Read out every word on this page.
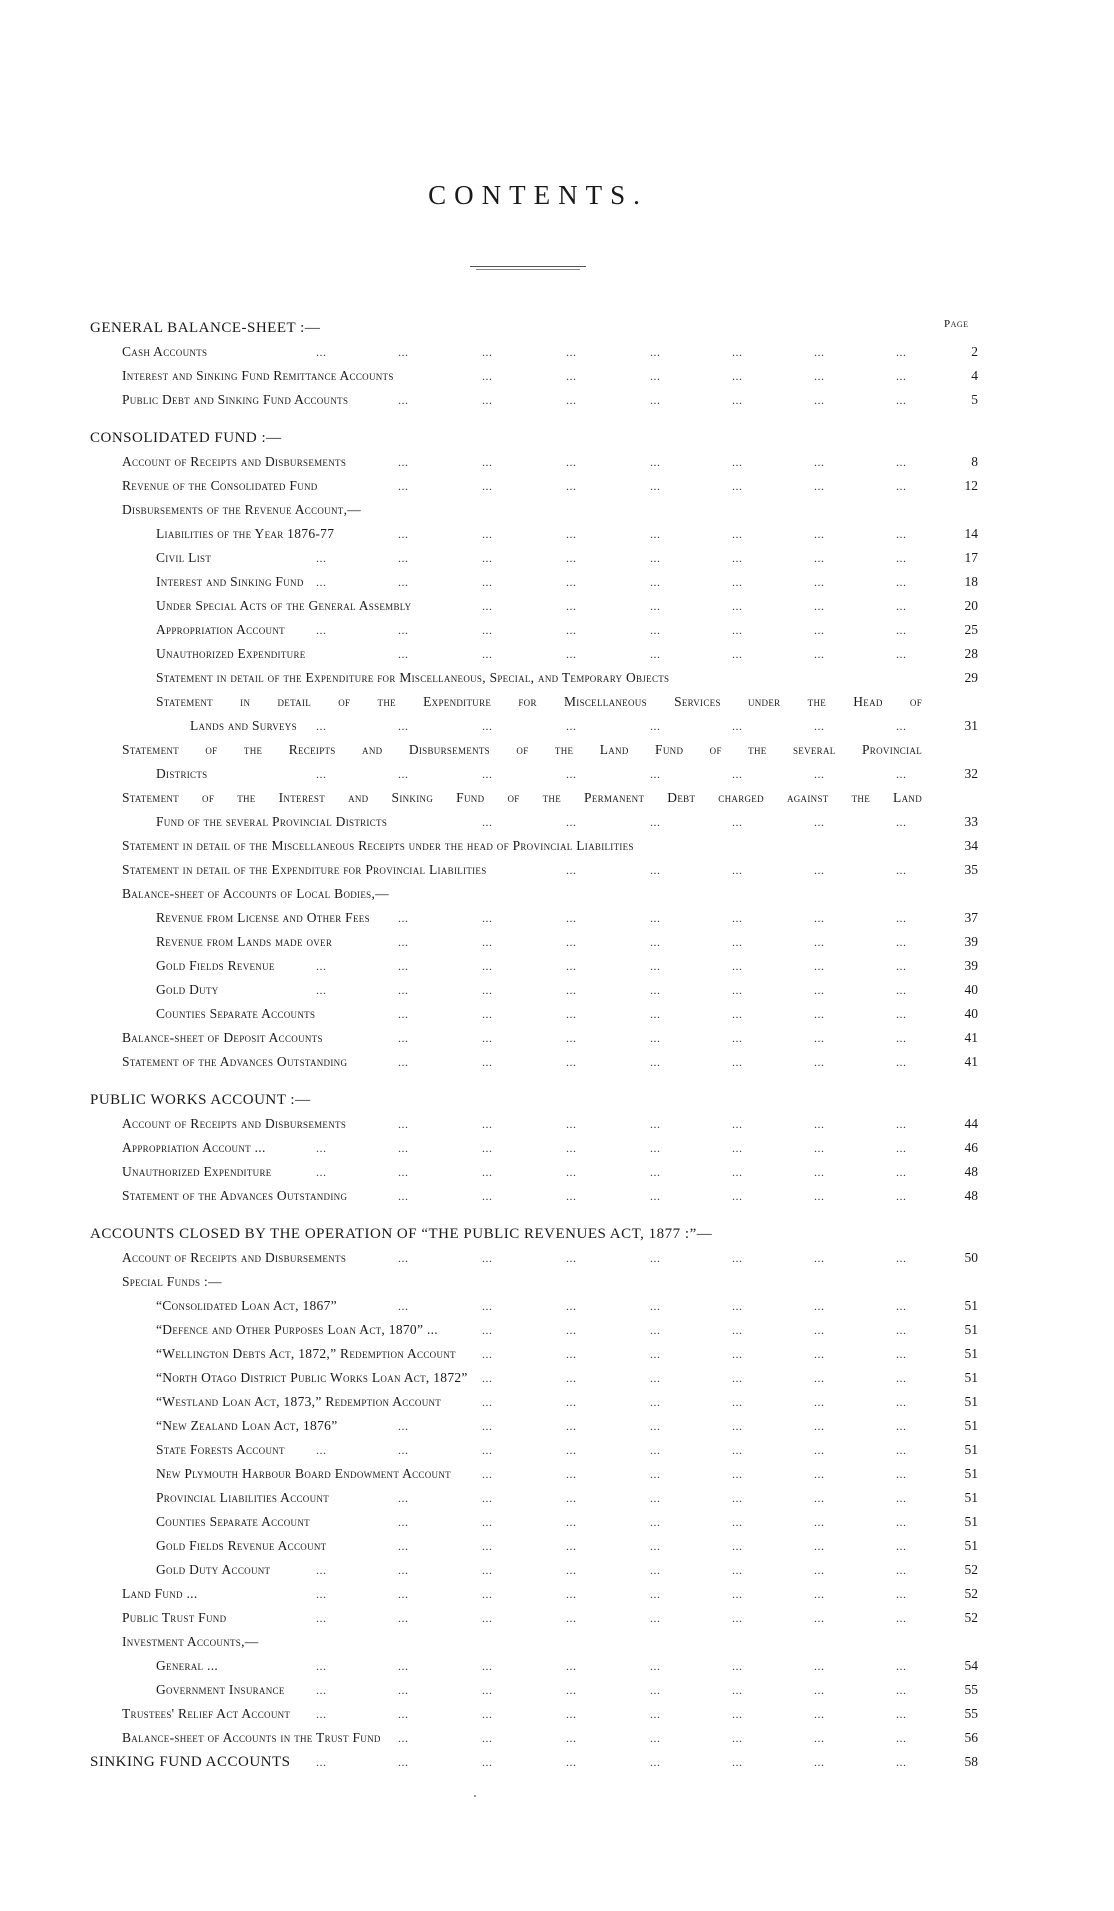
CONTENTS.
Page
GENERAL BALANCE-SHEET :—
Cash Accounts	...	...	...	...	...	...	...	...	2
Interest and Sinking Fund Remittance Accounts	...	...	...	...	...	...	4
Public Debt and Sinking Fund Accounts	...	...	...	...	...	...	...	5
CONSOLIDATED FUND :—
Account of Receipts and Disbursements	...	...	...	...	...	...	...	8
Revenue of the Consolidated Fund	...	...	...	...	...	...	...	12
Disbursements of the Revenue Account,—
Liabilities of the Year 1876-77	...	...	...	...	...	...	...	14
Civil List	...	...	...	...	...	...	...	...	17
Interest and Sinking Fund ...	...	...	...	...	...	...	...	18
Under Special Acts of the General Assembly	...	...	...	...	...	...	20
Appropriation Account	...	...	...	...	...	...	...	...	25
Unauthorized Expenditure	...	...	...	...	...	...	...	28
Statement in detail of the Expenditure for Miscellaneous, Special, and Temporary Objects	29
Statement in detail of the Expenditure for Miscellaneous Services under the Head of
Lands and Surveys ...	...	...	...	...	...	...	...	31
Statement of the Receipts and Disbursements of the Land Fund of the several Provincial
Districts	...	...	...	...	...	...	...	...	32
Statement of the Interest and Sinking Fund of the Permanent Debt charged against the Land
Fund of the several Provincial Districts	...	...	...	...	...	...	33
Statement in detail of the Miscellaneous Receipts under the head of Provincial Liabilities	34
Statement in detail of the Expenditure for Provincial Liabilities	...	...	...	...	...	35
Balance-sheet of Accounts of Local Bodies,—
Revenue from License and Other Fees ...	...	...	...	...	...	...	37
Revenue from Lands made over	...	...	...	...	...	...	...	39
Gold Fields Revenue	...	...	...	...	...	...	...	...	39
Gold Duty	...	...	...	...	...	...	...	...	40
Counties Separate Accounts	...	...	...	...	...	...	...	40
Balance-sheet of Deposit Accounts	...	...	...	...	...	...	...	41
Statement of the Advances Outstanding	...	...	...	...	...	...	...	41
PUBLIC WORKS ACCOUNT :—
Account of Receipts and Disbursements	...	...	...	...	...	...	...	44
Appropriation Account ...	...	...	...	...	...	...	...	...	46
Unauthorized Expenditure	...	...	...	...	...	...	...	...	48
Statement of the Advances Outstanding	...	...	...	...	...	...	...	48
ACCOUNTS CLOSED BY THE OPERATION OF “THE PUBLIC REVENUES ACT, 1877 :”—
Account of Receipts and Disbursements	...	...	...	...	...	...	...	50
Special Funds :—
“Consolidated Loan Act, 1867”	...	...	...	...	...	...	...	51
“Defence and Other Purposes Loan Act, 1870” ...	...	...	...	...	...	...	51
“Wellington Debts Act, 1872,” Redemption Account ...	...	...	...	...	...	51
“North Otago District Public Works Loan Act, 1872” ...	...	...	...	...	...	51
“Westland Loan Act, 1873,” Redemption Account	...	...	...	...	...	...	51
“New Zealand Loan Act, 1876”	...	...	...	...	...	...	...	51
State Forests Account	...	...	...	...	...	...	...	...	51
New Plymouth Harbour Board Endowment Account	...	...	...	...	...	...	51
Provincial Liabilities Account	...	...	...	...	...	...	...	51
Counties Separate Account	...	...	...	...	...	...	...	51
Gold Fields Revenue Account	...	...	...	...	...	...	...	51
Gold Duty Account	...	...	...	...	...	...	...	...	52
Land Fund ...	...	...	...	...	...	...	...	...	52
Public Trust Fund	...	...	...	...	...	...	...	...	52
Investment Accounts,—
General ...	...	...	...	...	...	...	...	...	54
Government Insurance	...	...	...	...	...	...	...	...	55
Trustees' Relief Act Account ...	...	...	...	...	...	...	...	55
Balance-sheet of Accounts in the Trust Fund ...	...	...	...	...	...	...	56
SINKING FUND ACCOUNTS ...	...	...	...	...	...	...	...	58
